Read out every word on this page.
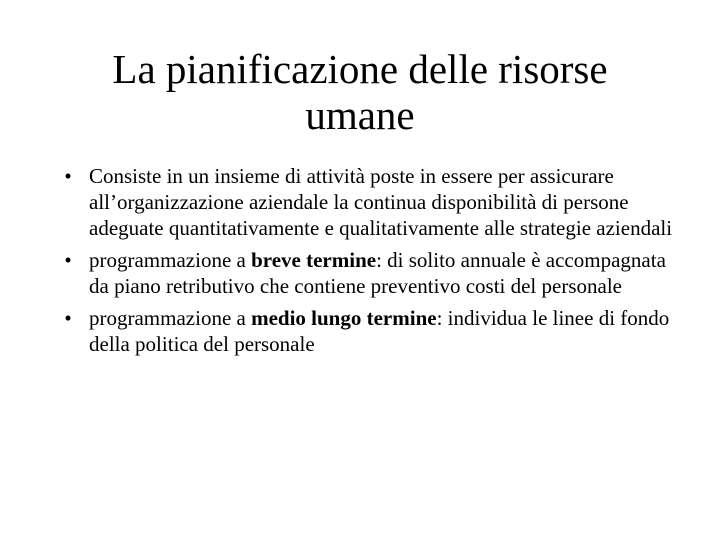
La pianificazione delle risorse
umane
• Consiste in un insieme di attività poste in essere per assicurare all’organizzazione aziendale la continua disponibilità di persone adeguate quantitativamente e qualitativamente alle strategie aziendali
• programmazione a breve termine: di solito annuale è accompagnata da piano retributivo che contiene preventivo costi del personale
• programmazione a medio lungo termine: individua le linee di fondo della politica del personale
